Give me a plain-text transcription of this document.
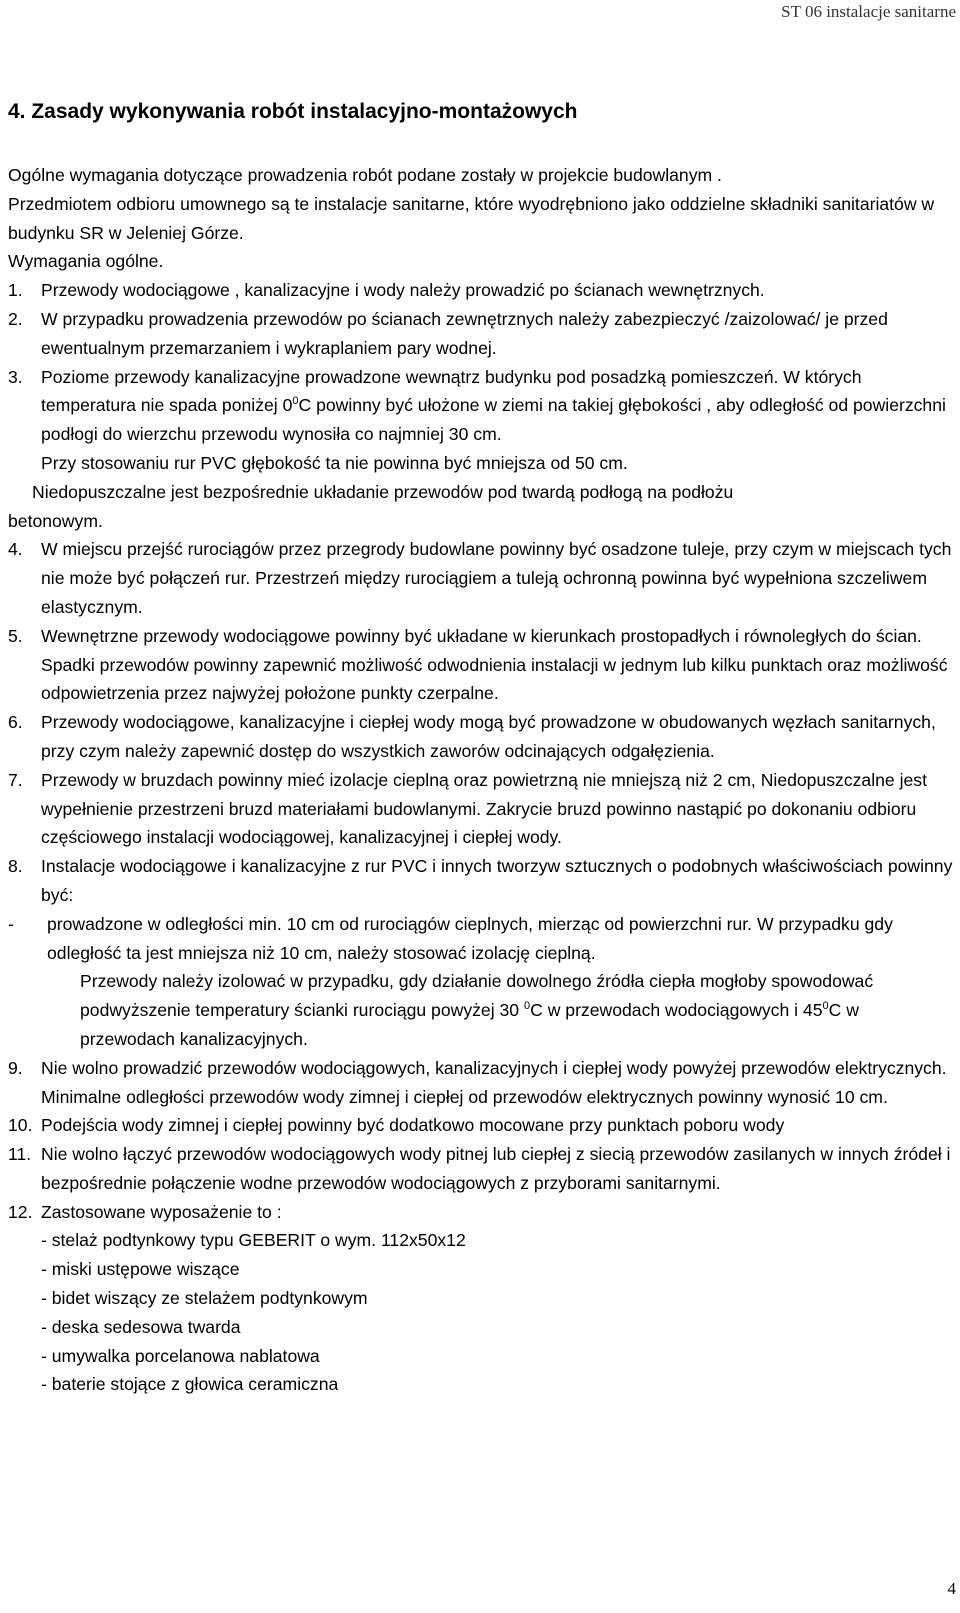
ST 06 instalacje sanitarne
4. Zasady wykonywania robót instalacyjno-montażowych

Ogólne wymagania dotyczące prowadzenia robót podane zostały w projekcie budowlanym .

Przedmiotem odbioru umownego są te instalacje sanitarne, które wyodrębniono jako oddzielne składniki sanitariatów w budynku SR w Jeleniej Górze.

Wymagania ogólne.

1.	Przewody wodociągowe , kanalizacyjne i wody należy prowadzić po ścianach wewnętrznych.
2.	W przypadku prowadzenia przewodów po ścianach zewnętrznych należy zabezpieczyć /zaizolować/ je przed ewentualnym przemarzaniem i wykraplaniem pary wodnej.
3.	Poziome przewody kanalizacyjne prowadzone wewnątrz budynku pod posadzką pomieszczeń. W których temperatura nie spada poniżej $0^0C$ powinny być ułożone w ziemi na takiej głębokości , aby odległość od powierzchni podłogi do wierzchu przewodu wynosiła co najmniej 30 cm.

Przy stosowaniu rur PVC głębokość ta nie powinna być mniejsza od 50 cm.

Niedopuszczalne jest bezpośrednie układanie przewodów pod twardą podłogą na podłożu

betonowym.

4.	W miejscu przejść rurociągów przez przegrody budowlane powinny być osadzone tuleje, przy czym w miejscach tych nie może być połączeń rur. Przestrzeń między rurociągiem a tuleją ochronną powinna być wypełniona szczeliwem elastycznym.
5.	Wewnętrzne przewody wodociągowe powinny być układane w kierunkach prostopadłych i równoległych do ścian. Spadki przewodów powinny zapewnić możliwość odwodnienia instalacji w jednym lub kilku punktach oraz możliwość odpowietrzenia przez najwyżej położone punkty czerpalne.
6.	Przewody wodociągowe, kanalizacyjne i ciepłej wody mogą być prowadzone w obudowanych węzłach sanitarnych, przy czym należy zapewnić dostęp do wszystkich zaworów odcinających odgałęzienia.
7.	Przewody w bruzdach powinny mieć izolacje cieplną oraz powietrzną nie mniejszą niż 2 cm, Niedopuszczalne jest wypełnienie przestrzeni bruzd materiałami budowlanymi. Zakrycie bruzd powinno nastąpić po dokonaniu odbioru częściowego instalacji wodociągowej, kanalizacyjnej i ciepłej wody.
8.	Instalacje wodociągowe i kanalizacyjne z rur PVC i innych tworzyw sztucznych o podobnych właściwościach powinny być:
-	prowadzone w odległości min. 10 cm od rurociągów cieplnych, mierząc od powierzchni rur. W przypadku gdy odległość ta jest mniejsza niż 10 cm, należy stosować izolację cieplną.

Przewody należy izolować w przypadku, gdy działanie dowolnego źródła ciepła mogłoby spowodować podwyższenie temperatury ścianki rurociągu powyżej 30 $^0$C w przewodach wodociągowych i $45^0C$ w przewodach kanalizacyjnych.

9.	Nie wolno prowadzić przewodów wodociągowych, kanalizacyjnych i ciepłej wody powyżej przewodów elektrycznych. Minimalne odległości przewodów wody zimnej i ciepłej od przewodów elektrycznych powinny wynosić 10 cm.
10. Podejścia wody zimnej i ciepłej powinny być dodatkowo mocowane przy punktach poboru wody
11. Nie wolno łączyć przewodów wodociągowych wody pitnej lub ciepłej z siecią przewodów zasilanych w innych źródeł i bezpośrednie połączenie wodne przewodów wodociągowych z przyborami sanitarnymi.
12. Zastosowane wyposażenie to :

- stelaż podtynkowy typu GEBERIT o wym. 112x50x12

- miski ustępowe wiszące

- bidet wiszący ze stelażem podtynkowym

- deska sedesowa twarda

- umywalka porcelanowa nablatowa

- baterie stojące z głowica ceramiczna

4
